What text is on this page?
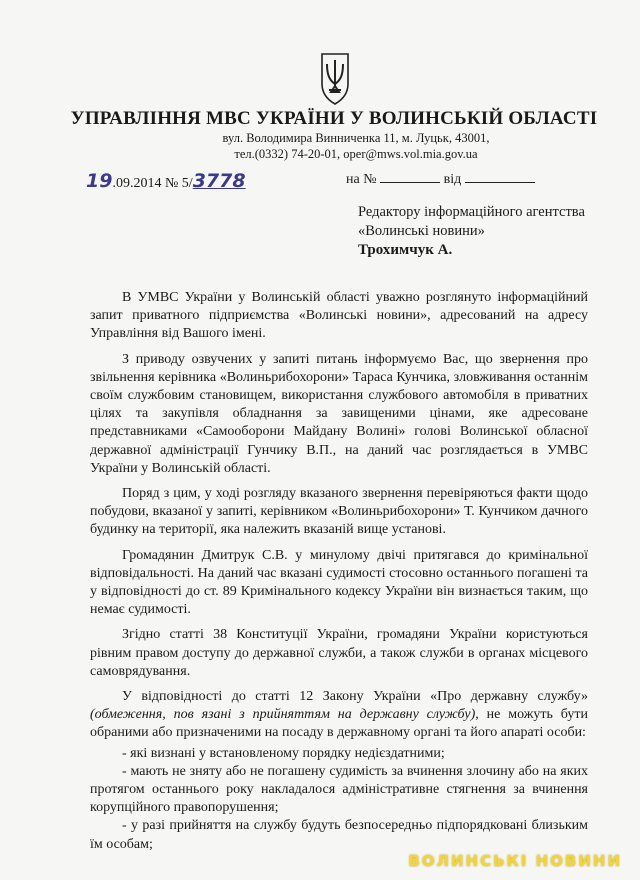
УПРАВЛІННЯ МВС УКРАЇНИ У ВОЛИНСЬКІЙ ОБЛАСТІ
вул. Володимира Винниченка 11, м. Луцьк, 43001,
тел.(0332) 74-20-01, oper@mws.vol.mia.gov.ua
19.09.2014 № 5/3778	на №	від
Редактору інформаційного агентства
«Волинські новини»
Трохимчук А.

В УМВС України у Волинській області уважно розглянуто інформаційний запит приватного підприємства «Волинські новини», адресований на адресу Управління від Вашого імені.

З приводу озвучених у запиті питань інформуємо Вас, що звернення про звільнення керівника «Волиньрибохорони» Тараса Кунчика, зловживання останнім своїм службовим становищем, використання службового автомобіля в приватних цілях та закупівля обладнання за завищеними цінами, яке адресоване представниками «Самооборони Майдану Волині» голові Волинської обласної державної адміністрації Гунчику В.П., на даний час розглядається в УМВС України у Волинській області.

Поряд з цим, у ході розгляду вказаного звернення перевіряються факти щодо побудови, вказаної у запиті, керівником «Волиньрибохорони» Т. Кунчиком дачного будинку на території, яка належить вказаній вище установі.

Громадянин Дмитрук С.В. у минулому двічі притягався до кримінальної відповідальності. На даний час вказані судимості стосовно останнього погашені та у відповідності до ст. 89 Кримінального кодексу України він визнається таким, що немає судимості.

Згідно статті 38 Конституції України, громадяни України користуються рівним правом доступу до державної служби, а також служби в органах місцевого самоврядування.

У відповідності до статті 12 Закону України «Про державну службу» (обмеження, пов язані з прийняттям на державну службу), не можуть бути обраними або призначеними на посаду в державному органі та його апараті особи:

- які визнані у встановленому порядку недієздатними;

- мають не зняту або не погашену судимість за вчинення злочину або на яких протягом останнього року накладалося адміністративне стягнення за вчинення корупційного правопорушення;

- у разі прийняття на службу будуть безпосередньо підпорядковані близьким їм особам;

ВОЛИНСЬКІ НОВИНИ
